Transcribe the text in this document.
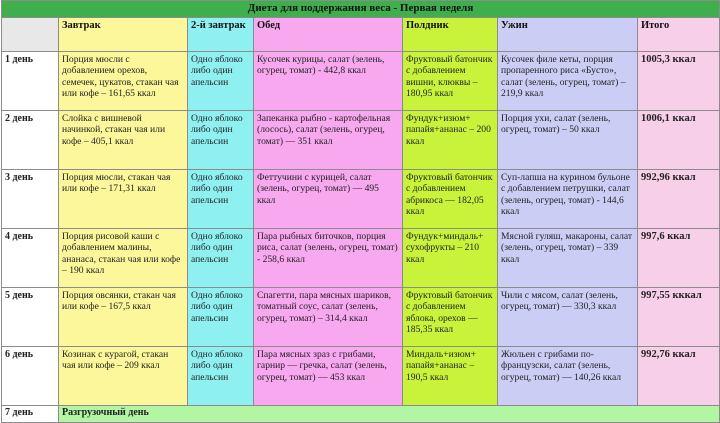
Диета для поддержания веса - Первая неделя						
	Завтрак	2-й завтрак	Обед	Полдник	Ужин	Итого
1 день	Порция мюсли с добавлением орехов, семечек, цукатов, стакан чая или кофе – 161,65 ккал	Одно яблоко либо один апельсин	Кусочек курицы, салат (зелень, огурец, томат) - 442,8 ккал	Фруктовый батончик с добавлением вишни, клюквы – 180,95 ккал	Кусочек филе кеты, порция пропаренного риса «Бусто», салат (зелень, огурец, томат) – 219,9 ккал	1005,3 ккал
2 день	Слойка с вишневой начинкой, стакан чая или кофе – 405,1 ккал	Одно яблоко либо один апельсин	Запеканка рыбно - картофельная (лосось), салат (зелень, огурец, томат) — 351 ккал	Фундук+изюм+ папайя+ананас – 200 ккал	Порция ухи, салат (зелень, огурец, томат) – 50 ккал	1006,1 ккал
3 день	Порция мюсли, стакан чая или кофе – 171,31 ккал	Одно яблоко либо один апельсин	Феттучини с курицей, салат (зелень, огурец, томат) — 495 ккал	Фруктовый батончик с добавлением абрикоса — 182,05 ккал	Суп-лапша на курином бульоне с добавлением петрушки, салат (зелень, огурец, томат) - 144,6 ккал	992,96 ккал
4 день	Порция рисовой каши с добавлением малины, ананаса, стакан чая или кофе – 190 ккал	Одно яблоко либо один апельсин	Пара рыбных биточков, порция риса, салат (зелень, огурец, томат) - 258,6 ккал	Фундук+миндаль+ сухофрукты – 210 ккал	Мясной гуляш, макароны, салат (зелень, огурец, томат) – 339 ккал	997,6 ккал
5 день	Порция овсянки, стакан чая или кофе – 167,5 ккал	Одно яблоко либо один апельсин	Спагетти, пара мясных шариков, томатный соус, салат (зелень, огурец, томат) – 314,4 ккал	Фруктовый батончик с добавлением яблока, орехов — 185,35 ккал	Чили с мясом, салат (зелень, огурец, томат) — 330,3 ккал	997,55 кккал
6 день	Козинак с курагой, стакан чая или кофе – 209 ккал	Одно яблоко либо один апельсин	Пара мясных зраз с грибами, гарнир — гречка, салат (зелень, огурец, томат) — 453 ккал	Миндаль+изюм+ папайя+ананас – 190,5 ккал	Жюльен с грибами по-французски, салат (зелень, огурец, томат) — 140,26 ккал	992,76 ккал
7 день	Разгрузочный день					
